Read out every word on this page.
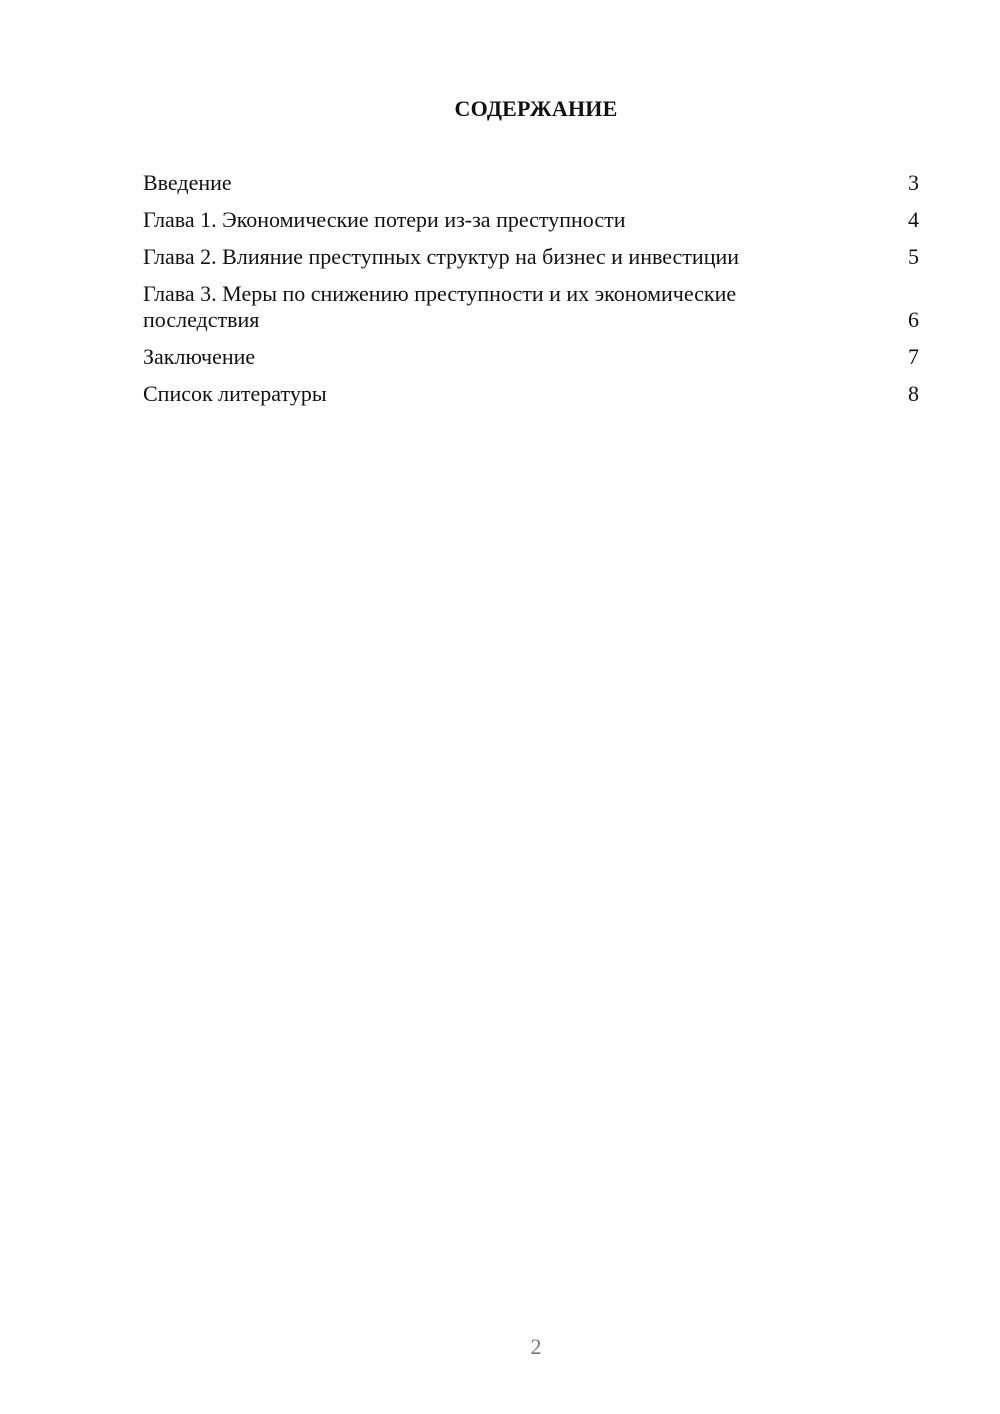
СОДЕРЖАНИЕ
Введение	3
Глава 1. Экономические потери из-за преступности	4
Глава 2. Влияние преступных структур на бизнес и инвестиции	5
Глава 3. Меры по снижению преступности и их экономические последствия	6
Заключение	7
Список литературы	8
2
